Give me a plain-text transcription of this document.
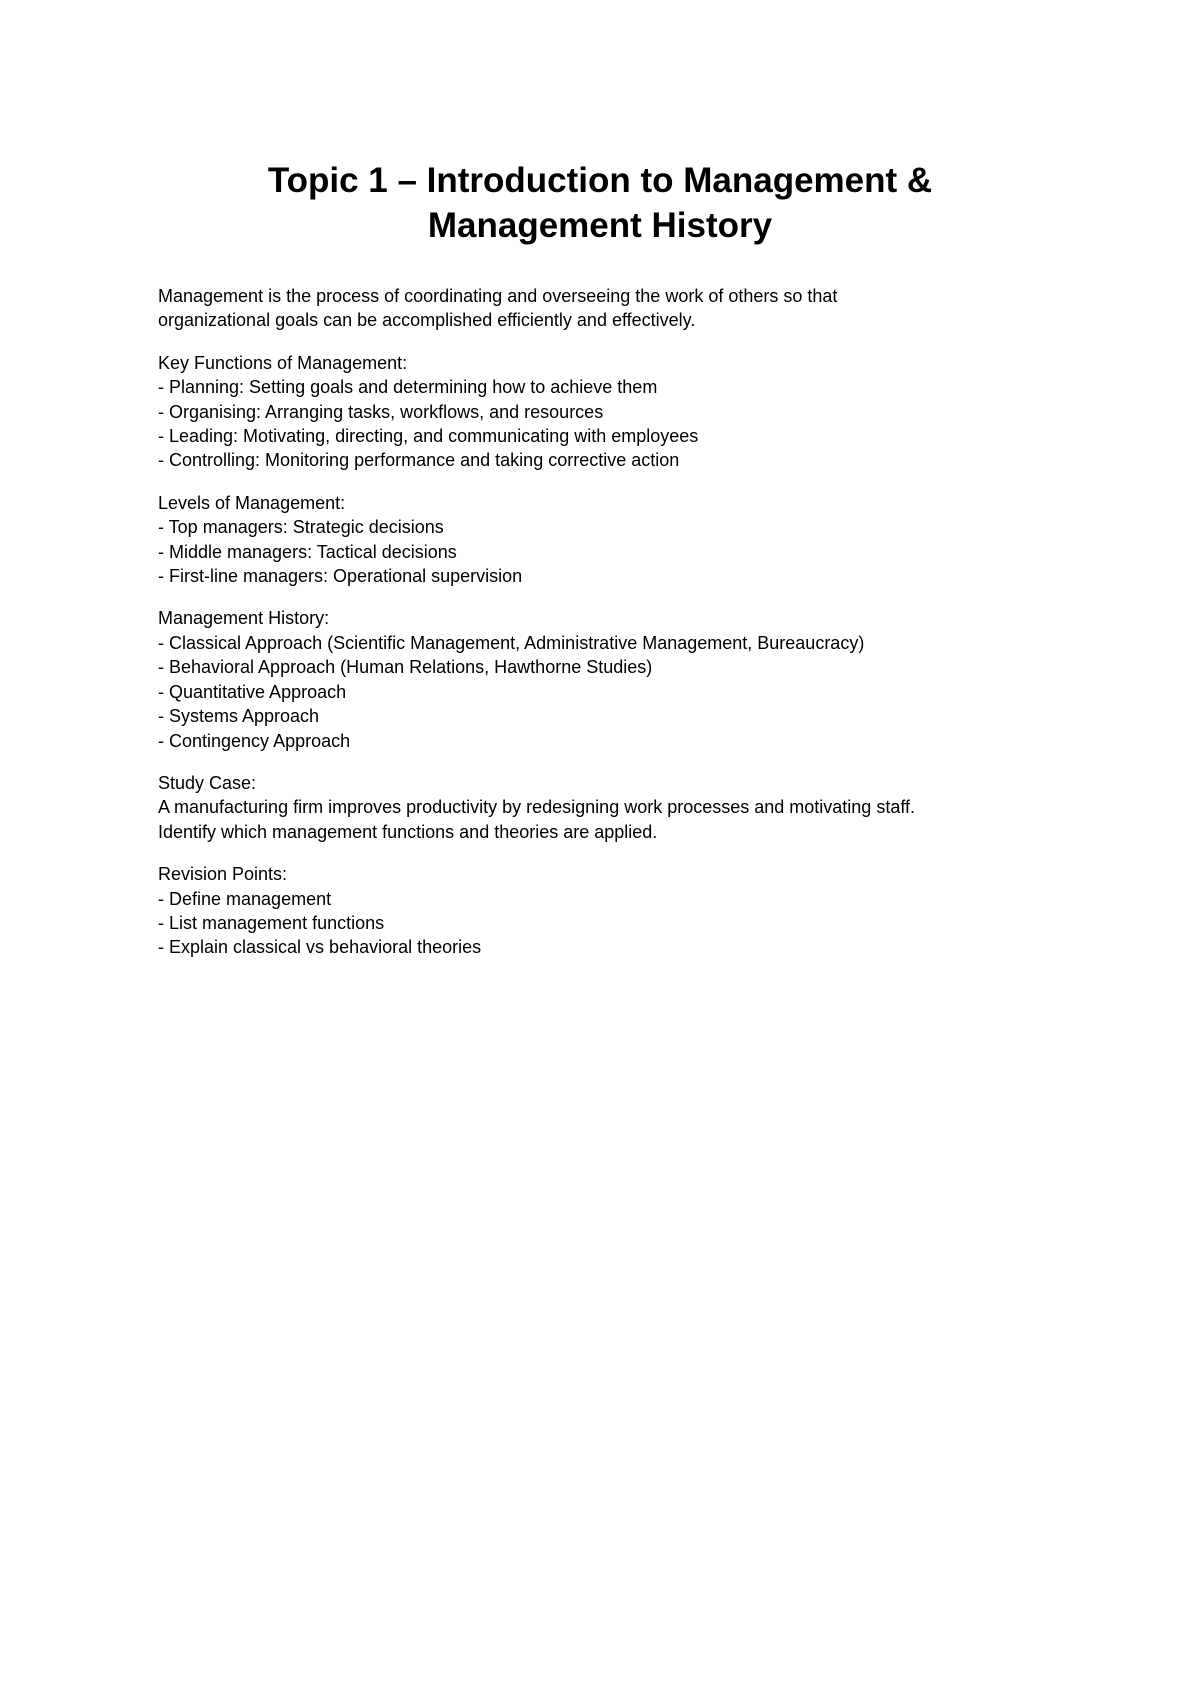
Topic 1 – Introduction to Management &
Management History
Management is the process of coordinating and overseeing the work of others so that
organizational goals can be accomplished efficiently and effectively.
Key Functions of Management:
- Planning: Setting goals and determining how to achieve them
- Organising: Arranging tasks, workflows, and resources
- Leading: Motivating, directing, and communicating with employees
- Controlling: Monitoring performance and taking corrective action
Levels of Management:
- Top managers: Strategic decisions
- Middle managers: Tactical decisions
- First-line managers: Operational supervision
Management History:
- Classical Approach (Scientific Management, Administrative Management, Bureaucracy)
- Behavioral Approach (Human Relations, Hawthorne Studies)
- Quantitative Approach
- Systems Approach
- Contingency Approach
Study Case:
A manufacturing firm improves productivity by redesigning work processes and motivating staff.
Identify which management functions and theories are applied.
Revision Points:
- Define management
- List management functions
- Explain classical vs behavioral theories
